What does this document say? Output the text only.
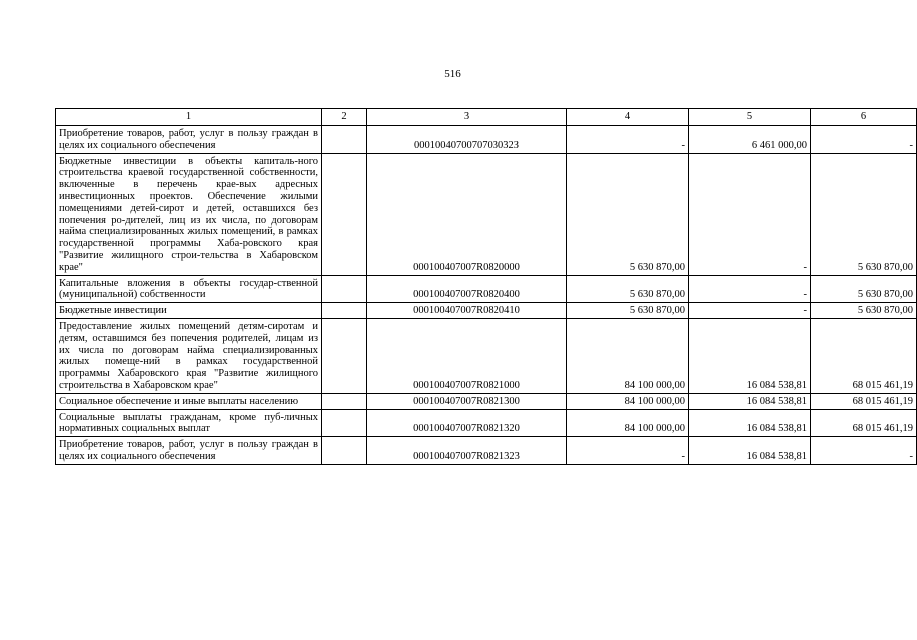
516
1	2	3	4	5	6
Приобретение товаров, работ, услуг в пользу граждан в целях их социального обеспечения		0001004070070703032З	-	6 461 000,00	-
Бюджетные инвестиции в объекты капиталь-ного строительства краевой государственной собственности, включенные в перечень крае-вых адресных инвестиционных проектов. Обеспечение жилыми помещениями детей-сирот и детей, оставшихся без попечения ро-дителей, лиц из их числа, по договорам найма специализированных жилых помещений, в рамках государственной программы Хаба-ровского края "Развитие жилищного строи-тельства в Хабаровском крае"		000100407007R0820000	5 630 870,00	-	5 630 870,00
Капитальные вложения в объекты государ-ственной (муниципальной) собственности		000100407007R0820400	5 630 870,00	-	5 630 870,00
Бюджетные инвестиции		000100407007R0820410	5 630 870,00	-	5 630 870,00
Предоставление жилых помещений детям-сиротам и детям, оставшимся без попечения родителей, лицам из их числа по договорам найма специализированных жилых помеще-ний в рамках государственной программы Хабаровского края "Развитие жилищного строительства в Хабаровском крае"		000100407007R0821000	84 100 000,00	16 084 538,81	68 015 461,19
Социальное обеспечение и иные выплаты населению		000100407007R0821300	84 100 000,00	16 084 538,81	68 015 461,19
Социальные выплаты гражданам, кроме пуб-личных нормативных социальных выплат		000100407007R0821320	84 100 000,00	16 084 538,81	68 015 461,19
Приобретение товаров, работ, услуг в пользу граждан в целях их социального обеспечения		000100407007R0821323	-	16 084 538,81	-
